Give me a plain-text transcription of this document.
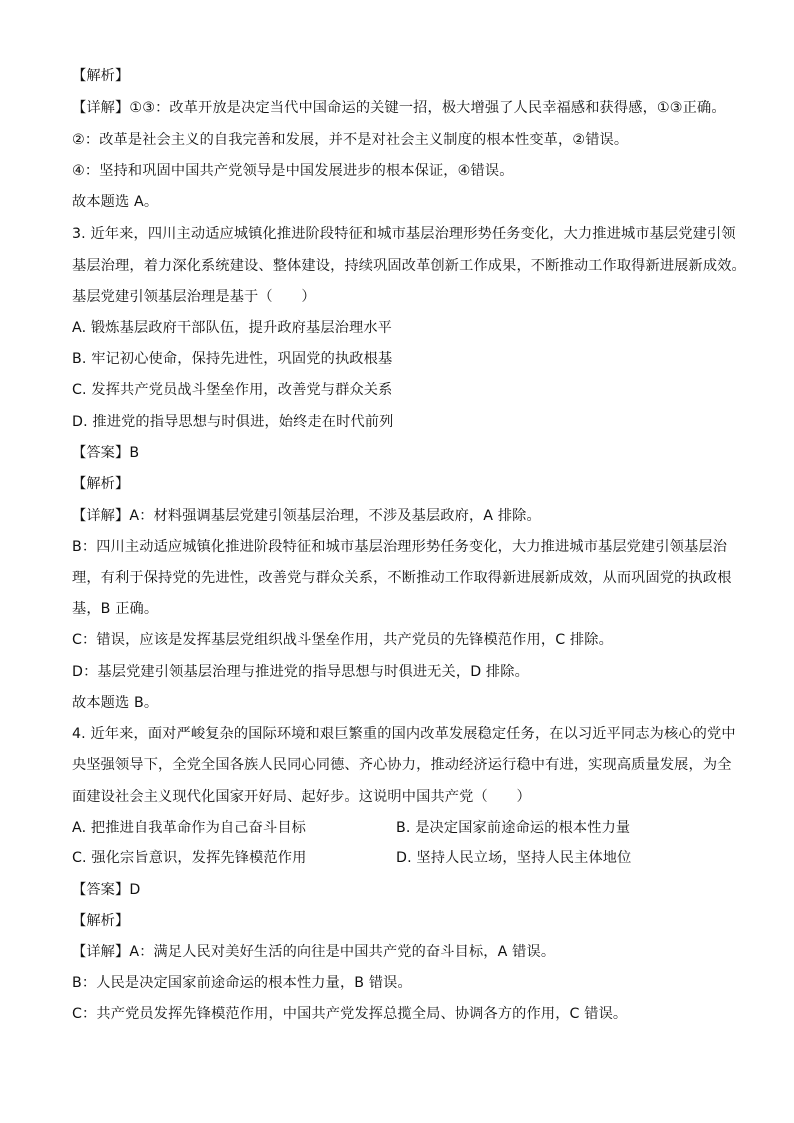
【解析】
【详解】①③：改革开放是决定当代中国命运的关键一招，极大增强了人民幸福感和获得感，①③正确。
②：改革是社会主义的自我完善和发展，并不是对社会主义制度的根本性变革，②错误。
④：坚持和巩固中国共产党领导是中国发展进步的根本保证，④错误。
故本题选 A。
3. 近年来，四川主动适应城镇化推进阶段特征和城市基层治理形势任务变化，大力推进城市基层党建引领
基层治理，着力深化系统建设、整体建设，持续巩固改革创新工作成果，不断推动工作取得新进展新成效。
基层党建引领基层治理是基于（　　）
A. 锻炼基层政府干部队伍，提升政府基层治理水平
B. 牢记初心使命，保持先进性，巩固党的执政根基
C. 发挥共产党员战斗堡垒作用，改善党与群众关系
D. 推进党的指导思想与时俱进，始终走在时代前列
【答案】B
【解析】
【详解】A：材料强调基层党建引领基层治理，不涉及基层政府，A 排除。
B：四川主动适应城镇化推进阶段特征和城市基层治理形势任务变化，大力推进城市基层党建引领基层治
理，有利于保持党的先进性，改善党与群众关系，不断推动工作取得新进展新成效，从而巩固党的执政根
基，B 正确。
C：错误，应该是发挥基层党组织战斗堡垒作用，共产党员的先锋模范作用，C 排除。
D：基层党建引领基层治理与推进党的指导思想与时俱进无关，D 排除。
故本题选 B。
4. 近年来，面对严峻复杂的国际环境和艰巨繁重的国内改革发展稳定任务，在以习近平同志为核心的党中
央坚强领导下，全党全国各族人民同心同德、齐心协力，推动经济运行稳中有进，实现高质量发展，为全
面建设社会主义现代化国家开好局、起好步。这说明中国共产党（　　）
A. 把推进自我革命作为自己奋斗目标	B. 是决定国家前途命运的根本性力量
C. 强化宗旨意识，发挥先锋模范作用	D. 坚持人民立场，坚持人民主体地位
【答案】D
【解析】
【详解】A：满足人民对美好生活的向往是中国共产党的奋斗目标，A 错误。
B：人民是决定国家前途命运的根本性力量，B 错误。
C：共产党员发挥先锋模范作用，中国共产党发挥总揽全局、协调各方的作用，C 错误。
